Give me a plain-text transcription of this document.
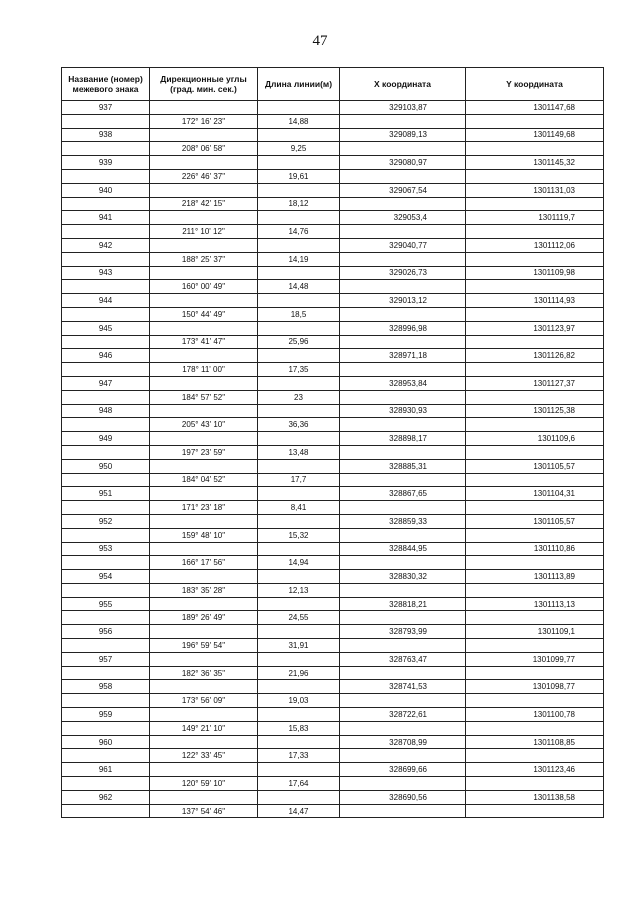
47
Название (номер) межевого знака	Дирекционные углы (град. мин. сек.)	Длина линии(м)	X координата	Y координата
937			329103,87	1301147,68
	172° 16' 23"	14,88		
938			329089,13	1301149,68
	208° 06' 58"	9,25		
939			329080,97	1301145,32
	226° 46' 37"	19,61		
940			329067,54	1301131,03
	218° 42' 15"	18,12		
941			329053,4	1301119,7
	211° 10' 12"	14,76		
942			329040,77	1301112,06
	188° 25' 37"	14,19		
943			329026,73	1301109,98
	160° 00' 49"	14,48		
944			329013,12	1301114,93
	150° 44' 49"	18,5		
945			328996,98	1301123,97
	173° 41' 47"	25,96		
946			328971,18	1301126,82
	178° 11' 00"	17,35		
947			328953,84	1301127,37
	184° 57' 52"	23		
948			328930,93	1301125,38
	205° 43' 10"	36,36		
949			328898,17	1301109,6
	197° 23' 59"	13,48		
950			328885,31	1301105,57
	184° 04' 52"	17,7		
951			328867,65	1301104,31
	171° 23' 18"	8,41		
952			328859,33	1301105,57
	159° 48' 10"	15,32		
953			328844,95	1301110,86
	166° 17' 56"	14,94		
954			328830,32	1301113,89
	183° 35' 28"	12,13		
955			328818,21	1301113,13
	189° 26' 49"	24,55		
956			328793,99	1301109,1
	196° 59' 54"	31,91		
957			328763,47	1301099,77
	182° 36' 35"	21,96		
958			328741,53	1301098,77
	173° 56' 09"	19,03		
959			328722,61	1301100,78
	149° 21' 10"	15,83		
960			328708,99	1301108,85
	122° 33' 45"	17,33		
961			328699,66	1301123,46
	120° 59' 10"	17,64		
962			328690,56	1301138,58
	137° 54' 46"	14,47		
